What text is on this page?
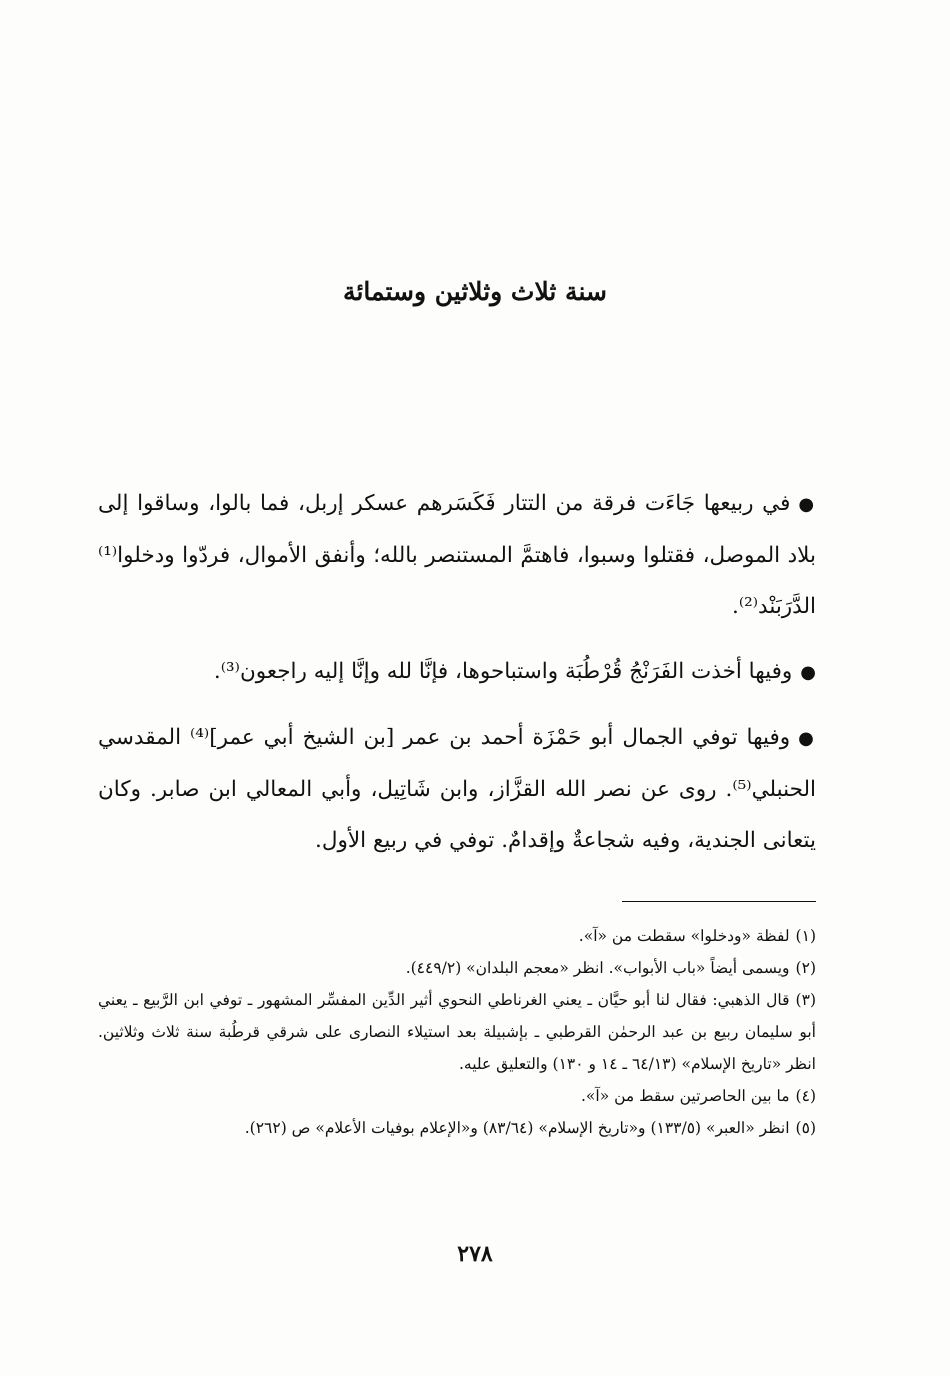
سنة ثلاث وثلاثين وستمائة

●في ربيعها جَاءَت فرقة من التتار فَكَسَرهم عسكر إربل، فما بالوا، وساقوا إلى بلاد الموصل، فقتلوا وسبوا، فاهتمَّ المستنصر بالله؛ وأنفق الأموال، فردّوا ودخلوا⁽¹⁾ الدَّرَبَنْد⁽²⁾.

●وفيها أخذت الفَرَنْجُ قُرْطُبَة واستباحوها، فإنَّا لله وإنَّا إليه راجعون⁽³⁾.

●وفيها توفي الجمال أبو حَمْزَة أحمد بن عمر [بن الشيخ أبي عمر]⁽⁴⁾ المقدسي الحنبلي⁽⁵⁾. روى عن نصر الله القزَّاز، وابن شَاتِيل، وأبي المعالي ابن صابر. وكان يتعانى الجندية، وفيه شجاعةٌ وإقدامٌ. توفي في ربيع الأول.

(١)لفظة «ودخلوا» سقطت من «آ».

(٢)ويسمى أيضاً «باب الأبواب». انظر «معجم البلدان» (٤٤٩/٢).

(٣)قال الذهبي: فقال لنا أبو حيَّان ـ يعني الغرناطي النحوي أثير الدِّين المفسِّر المشهور ـ توفي ابن الرَّبيع ـ يعني أبو سليمان ربيع بن عبد الرحمٰن القرطبي ـ بإشبيلة بعد استيلاء النصارى على شرقي قرطُبة سنة ثلاث وثلاثين. انظر «تاريخ الإسلام» (٦٤/١٣ ـ ١٤ و ١٣٠) والتعليق عليه.

(٤)ما بين الحاصرتين سقط من «آ».

(٥)انظر «العبر» (١٣٣/٥) و«تاريخ الإسلام» (٨٣/٦٤) و«الإعلام بوفيات الأعلام» ص (٢٦٢).

٢٧٨
